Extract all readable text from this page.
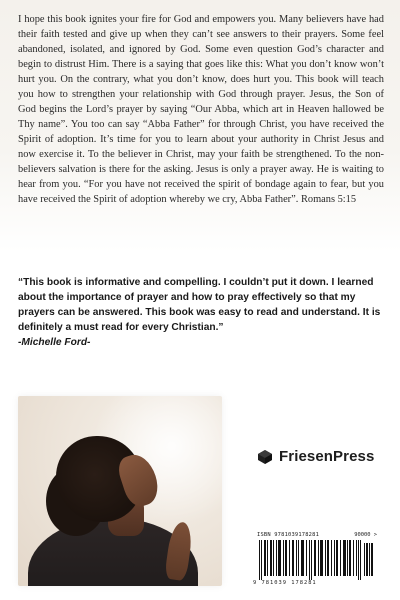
I hope this book ignites your fire for God and empowers you. Many believers have had their faith tested and give up when they can’t see answers to their prayers. Some feel abandoned, isolated, and ignored by God. Some even question God’s character and begin to distrust Him. There is a saying that goes like this: What you don’t know won’t hurt you. On the contrary, what you don’t know, does hurt you. This book will teach you how to strengthen your relationship with God through prayer. Jesus, the Son of God begins the Lord’s prayer by saying “Our Abba, which art in Heaven hallowed be Thy name”. You too can say “Abba Father” for through Christ, you have received the Spirit of adoption. It’s time for you to learn about your authority in Christ Jesus and now exercise it. To the believer in Christ, may your faith be strengthened. To the non-believers salvation is there for the asking. Jesus is only a prayer away. He is waiting to hear from you. “For you have not received the spirit of bondage again to fear, but you have received the Spirit of adoption whereby we cry, Abba Father”. Romans 5:15

“This book is informative and compelling. I couldn’t put it down. I learned about the importance of prayer and how to pray effectively so that my prayers can be answered. This book was easy to read and understand. It is definitely a must read for every Christian.”

-Michelle Ford-

FriesenPress
ISBN 9781039178281	90000 >
9 781039 178281
